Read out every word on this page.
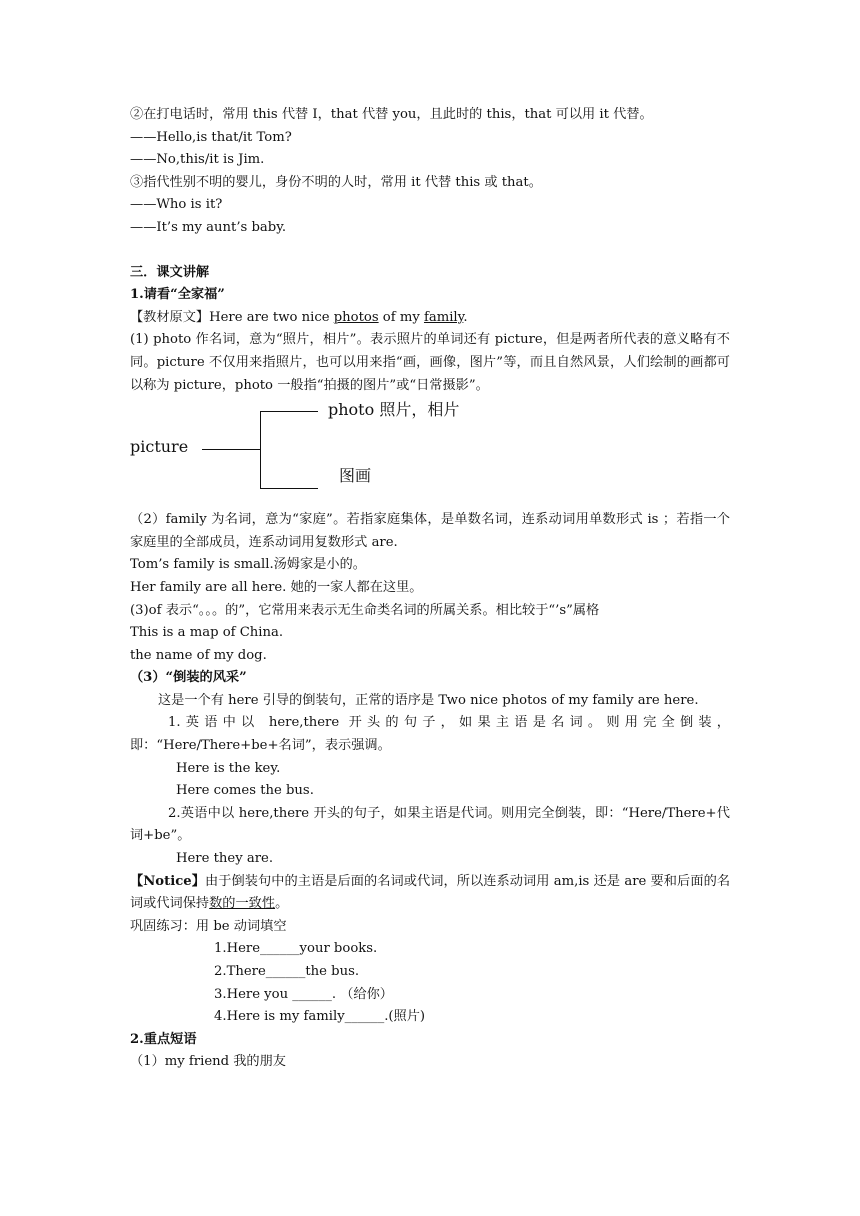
②在打电话时，常用 this 代替 I，that 代替 you，且此时的 this，that 可以用 it 代替。
——Hello,is that/it Tom?
——No,this/it is Jim.
③指代性别不明的婴儿，身份不明的人时，常用 it 代替 this 或 that。
——Who is it?
——It’s my aunt’s baby.
三．课文讲解
1.请看“全家福”
【教材原文】Here are two nice photos of my family.
(1) photo 作名词，意为“照片，相片”。表示照片的单词还有 picture，但是两者所代表的意义略有不同。picture 不仅用来指照片，也可以用来指“画，画像，图片”等，而且自然风景，人们绘制的画都可以称为 picture，photo 一般指“拍摄的图片”或“日常摄影”。
picture
photo 照片，相片
图画
（2）family 为名词，意为“家庭”。若指家庭集体，是单数名词，连系动词用单数形式 is ；若指一个家庭里的全部成员，连系动词用复数形式 are.
Tom’s family is small.汤姆家是小的。
Her family are all here. 她的一家人都在这里。
(3)of 表示“。。。的”，它常用来表示无生命类名词的所属关系。相比较于“’s”属格
This is a map of China.
the name of my dog.
（3）“倒装的风采”
这是一个有 here 引导的倒装句，正常的语序是 Two nice photos of my family are here.
1.英语中以 here,there 开头的句子，如果主语是名词。则用完全倒装，即：“Here/There+be+名词”，表示强调。
Here is the key.
Here comes the bus.
2.英语中以 here,there 开头的句子，如果主语是代词。则用完全倒装，即：“Here/There+代词+be”。
Here they are.
【Notice】由于倒装句中的主语是后面的名词或代词，所以连系动词用 am,is 还是 are 要和后面的名词或代词保持数的一致性。
巩固练习：用 be 动词填空
1.Here______your books.
2.There______the bus.
3.Here you ______. （给你）
4.Here is my family______.(照片)
2.重点短语
（1）my friend 我的朋友
